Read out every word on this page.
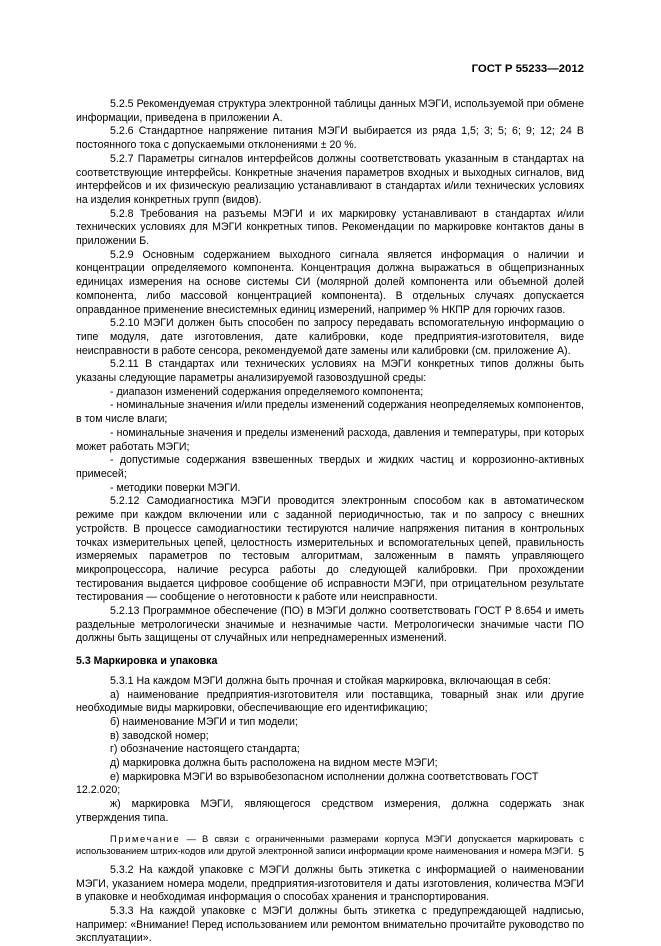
ГОСТ Р 55233—2012

5.2.5 Рекомендуемая структура электронной таблицы данных МЭГИ, используемой при обмене информации, приведена в приложении А.

5.2.6 Стандартное напряжение питания МЭГИ выбирается из ряда 1,5; 3; 5; 6; 9; 12; 24 В постоянного тока с допускаемыми отклонениями ± 20 %.

5.2.7 Параметры сигналов интерфейсов должны соответствовать указанным в стандартах на соответствующие интерфейсы. Конкретные значения параметров входных и выходных сигналов, вид интерфейсов и их физическую реализацию устанавливают в стандартах и/или технических условиях на изделия конкретных групп (видов).

5.2.8 Требования на разъемы МЭГИ и их маркировку устанавливают в стандартах и/или технических условиях для МЭГИ конкретных типов. Рекомендации по маркировке контактов даны в приложении Б.

5.2.9 Основным содержанием выходного сигнала является информация о наличии и концентрации определяемого компонента. Концентрация должна выражаться в общепризнанных единицах измерения на основе системы СИ (молярной долей компонента или объемной долей компонента, либо массовой концентрацией компонента). В отдельных случаях допускается оправданное применение внесистемных единиц измерений, например % НКПР для горючих газов.

5.2.10 МЭГИ должен быть способен по запросу передавать вспомогательную информацию о типе модуля, дате изготовления, дате калибровки, коде предприятия-изготовителя, виде неисправности в работе сенсора, рекомендуемой дате замены или калибровки (см. приложение А).

5.2.11 В стандартах или технических условиях на МЭГИ конкретных типов должны быть указаны следующие параметры анализируемой газовоздушной среды:

- диапазон изменений содержания определяемого компонента;

- номинальные значения и/или пределы изменений содержания неопределяемых компонентов, в том числе влаги;

- номинальные значения и пределы изменений расхода, давления и температуры, при которых может работать МЭГИ;

- допустимые содержания взвешенных твердых и жидких частиц и коррозионно-активных примесей;

- методики поверки МЭГИ.

5.2.12 Самодиагностика МЭГИ проводится электронным способом как в автоматическом режиме при каждом включении или с заданной периодичностью, так и по запросу с внешних устройств. В процессе самодиагностики тестируются наличие напряжения питания в контрольных точках измерительных цепей, целостность измерительных и вспомогательных цепей, правильность измеряемых параметров по тестовым алгоритмам, заложенным в память управляющего микропроцессора, наличие ресурса работы до следующей калибровки. При прохождении тестирования выдается цифровое сообщение об исправности МЭГИ, при отрицательном результате тестирования — сообщение о неготовности к работе или неисправности.

5.2.13 Программное обеспечение (ПО) в МЭГИ должно соответствовать ГОСТ Р 8.654 и иметь раздельные метрологически значимые и незначимые части. Метрологически значимые части ПО должны быть защищены от случайных или непреднамеренных изменений.

5.3 Маркировка и упаковка

5.3.1 На каждом МЭГИ должна быть прочная и стойкая маркировка, включающая в себя:

а) наименование предприятия-изготовителя или поставщика, товарный знак или другие необходимые виды маркировки, обеспечивающие его идентификацию;

б) наименование МЭГИ и тип модели;

в) заводской номер;

г) обозначение настоящего стандарта;

д) маркировка должна быть расположена на видном месте МЭГИ;

е) маркировка МЭГИ во взрывобезопасном исполнении должна соответствовать ГОСТ 12.2.020;

ж) маркировка МЭГИ, являющегося средством измерения, должна содержать знак утверждения типа.

Примечание — В связи с ограниченными размерами корпуса МЭГИ допускается маркировать с использованием штрих-кодов или другой электронной записи информации кроме наименования и номера МЭГИ.

5.3.2 На каждой упаковке с МЭГИ должны быть этикетка с информацией о наименовании МЭГИ, указанием номера модели, предприятия-изготовителя и даты изготовления, количества МЭГИ в упаковке и необходимая информация о способах хранения и транспортирования.

5.3.3 На каждой упаковке с МЭГИ должны быть этикетка с предупреждающей надписью, например: «Внимание! Перед использованием или ремонтом внимательно прочитайте руководство по эксплуатации».

5
